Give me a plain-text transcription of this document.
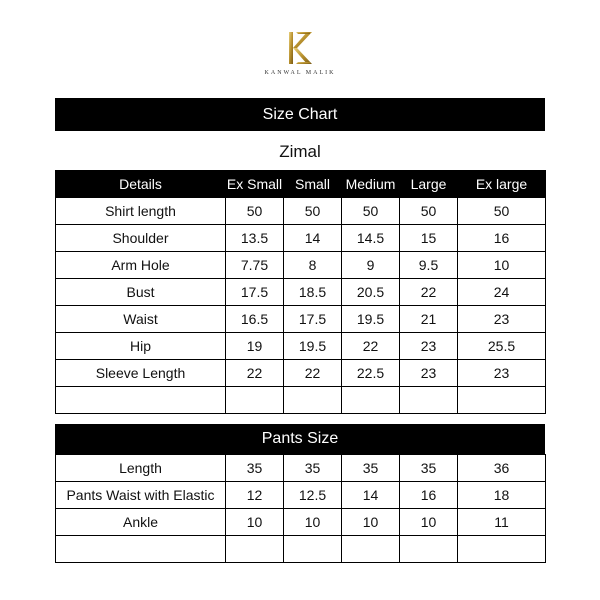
KANWAL MALIK
Size Chart
Zimal
Details	Ex Small	Small	Medium	Large	Ex large
Shirt length	50	50	50	50	50
Shoulder	13.5	14	14.5	15	16
Arm Hole	7.75	8	9	9.5	10
Bust	17.5	18.5	20.5	22	24
Waist	16.5	17.5	19.5	21	23
Hip	19	19.5	22	23	25.5
Sleeve Length	22	22	22.5	23	23

Pants Size
Length	35	35	35	35	36
Pants Waist with Elastic	12	12.5	14	16	18
Ankle	10	10	10	10	11
